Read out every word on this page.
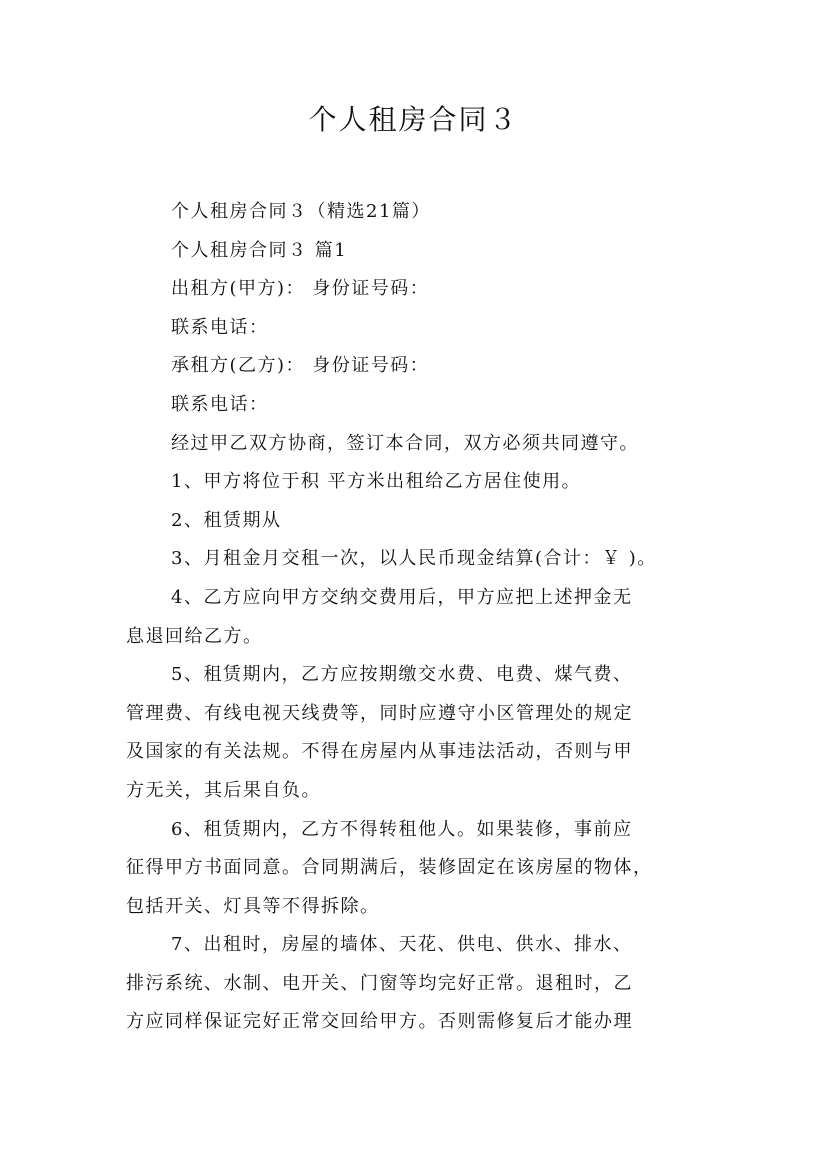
个人租房合同３

个人租房合同３（精选21篇）

个人租房合同３ 篇1

出租方(甲方)： 身份证号码：

联系电话：

承租方(乙方)： 身份证号码：

联系电话：

经过甲乙双方协商，签订本合同，双方必须共同遵守。

1、甲方将位于积 平方米出租给乙方居住使用。

2、租赁期从

3、月租金月交租一次，以人民币现金结算(合计：￥ )。

4、乙方应向甲方交纳交费用后，甲方应把上述押金无

息退回给乙方。

5、租赁期内，乙方应按期缴交水费、电费、煤气费、

管理费、有线电视天线费等，同时应遵守小区管理处的规定

及国家的有关法规。不得在房屋内从事违法活动，否则与甲

方无关，其后果自负。

6、租赁期内，乙方不得转租他人。如果装修，事前应

征得甲方书面同意。合同期满后，装修固定在该房屋的物体，

包括开关、灯具等不得拆除。

7、出租时，房屋的墙体、天花、供电、供水、排水、

排污系统、水制、电开关、门窗等均完好正常。退租时，乙

方应同样保证完好正常交回给甲方。否则需修复后才能办理
